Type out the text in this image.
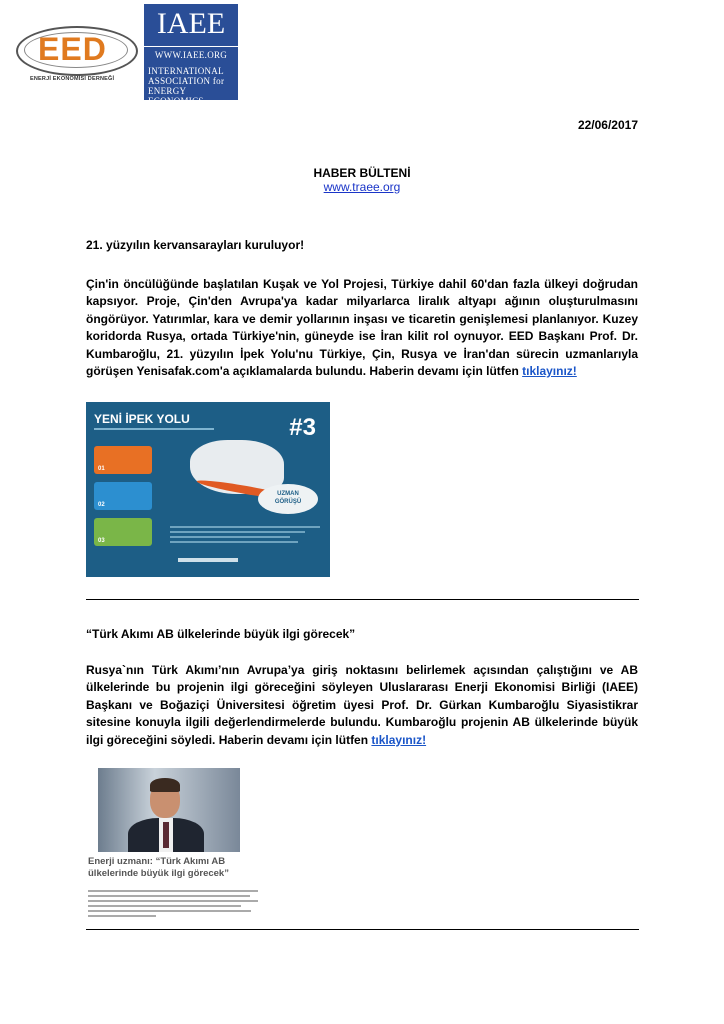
EED
ENERJİ EKONOMİSİ DERNEĞİ
IAEE
WWW.IAEE.ORG
INTERNATIONAL
ASSOCIATION for
ENERGY ECONOMICS
22/06/2017
HABER BÜLTENİ
www.traee.org
21. yüzyılın kervansarayları kuruluyor!
Çin'in öncülüğünde başlatılan Kuşak ve Yol Projesi, Türkiye dahil 60'dan fazla ülkeyi doğrudan kapsıyor. Proje, Çin'den Avrupa'ya kadar milyarlarca liralık altyapı ağının oluşturulmasını öngörüyor. Yatırımlar, kara ve demir yollarının inşası ve ticaretin genişlemesi planlanıyor. Kuzey koridorda Rusya, ortada Türkiye'nin, güneyde ise İran kilit rol oynuyor. EED Başkanı Prof. Dr. Kumbaroğlu, 21. yüzyılın İpek Yolu'nu Türkiye, Çin, Rusya ve İran'dan sürecin uzmanlarıyla görüşen Yenisafak.com'a açıklamalarda bulundu. Haberin devamı için lütfen tıklayınız!
YENİ İPEK YOLU	#3
UZMAN
GÖRÜŞÜ
01
02
03
“Türk Akımı AB ülkelerinde büyük ilgi görecek”
Rusya`nın Türk Akımı’nın Avrupa’ya giriş noktasını belirlemek açısından çalıştığını ve AB ülkelerinde bu projenin ilgi göreceğini söyleyen Uluslararası Enerji Ekonomisi Birliği (IAEE) Başkanı ve Boğaziçi Üniversitesi öğretim üyesi Prof. Dr. Gürkan Kumbaroğlu Siyasistikrar sitesine konuyla ilgili değerlendirmelerde bulundu. Kumbaroğlu projenin AB ülkelerinde büyük ilgi göreceğini söyledi. Haberin devamı için lütfen tıklayınız!
Enerji uzmanı: “Türk Akımı AB ülkelerinde büyük ilgi görecek”
